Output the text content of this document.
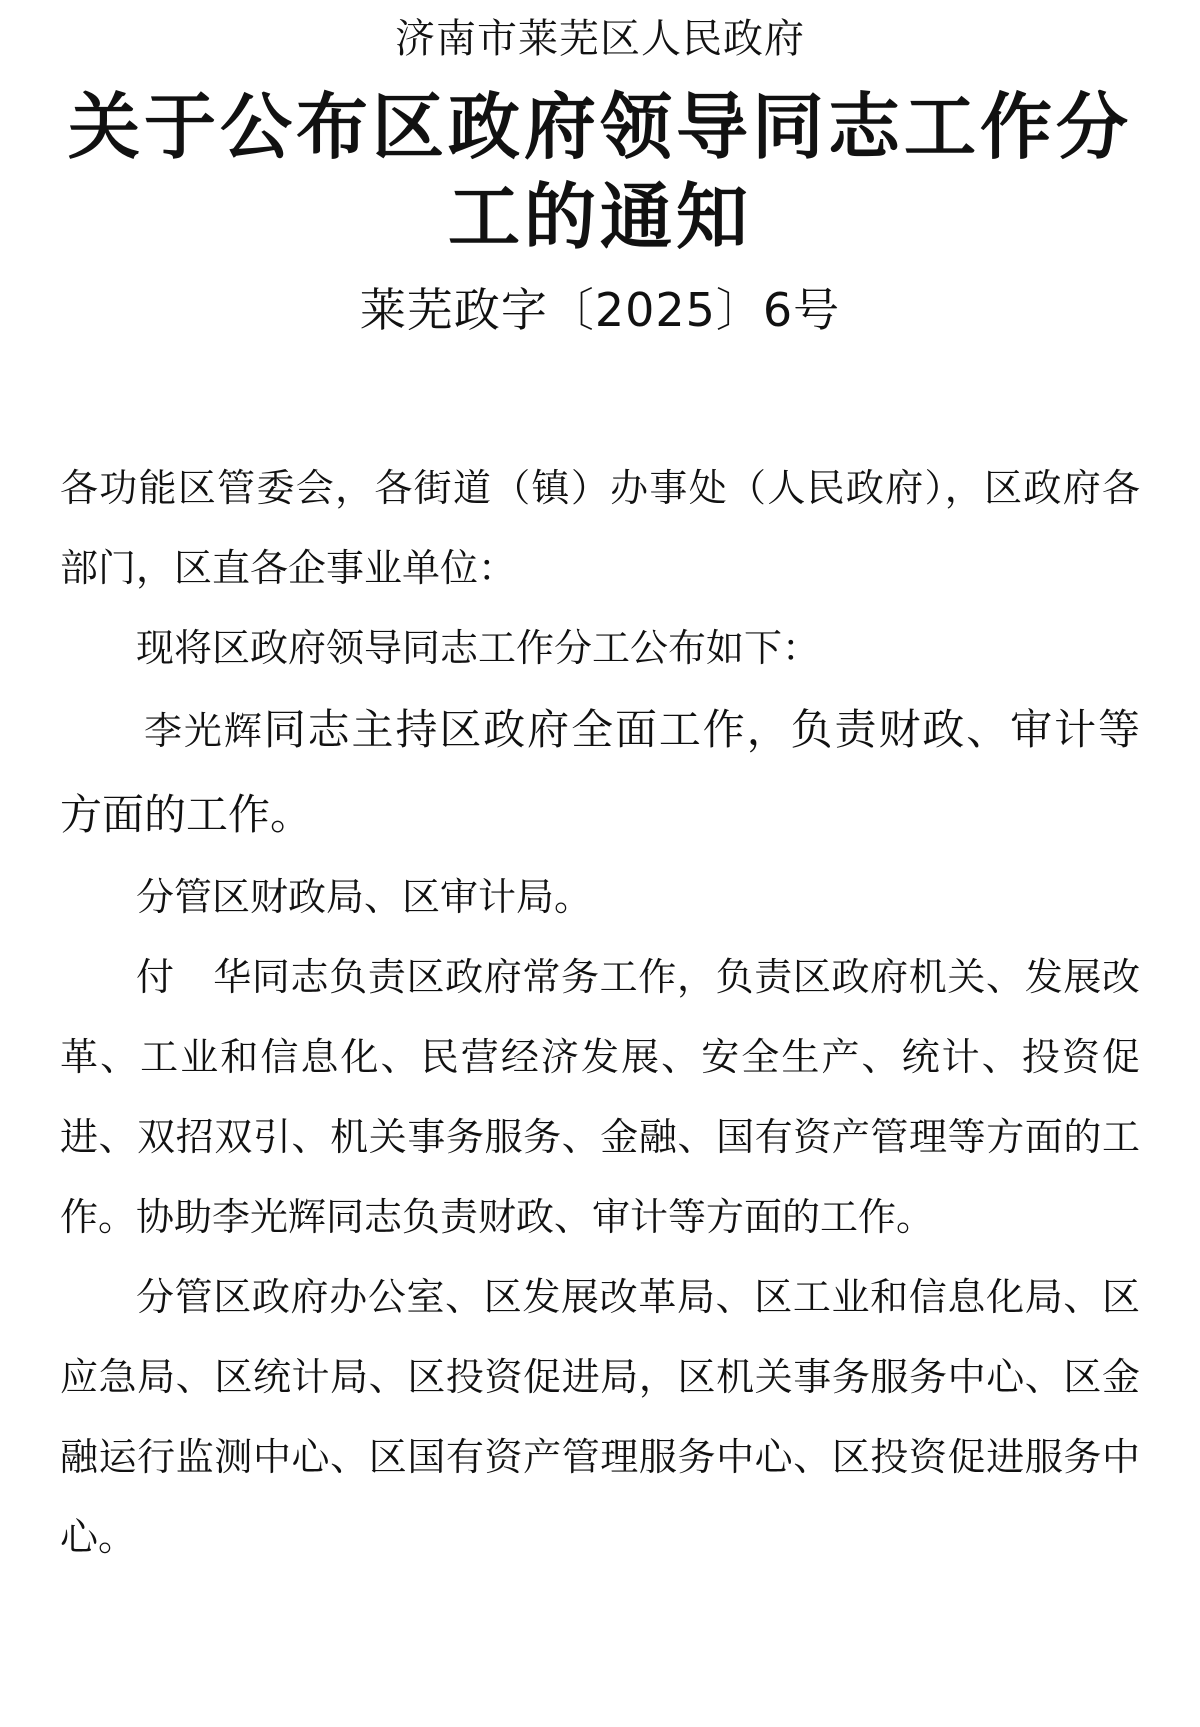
济南市莱芜区人民政府
关于公布区政府领导同志工作分工的通知
莱芜政字〔2025〕6号

各功能区管委会，各街道（镇）办事处（人民政府），区政府各部门，区直各企事业单位：

现将区政府领导同志工作分工公布如下：

李光辉同志主持区政府全面工作，负责财政、审计等方面的工作。

分管区财政局、区审计局。

付　华同志负责区政府常务工作，负责区政府机关、发展改革、工业和信息化、民营经济发展、安全生产、统计、投资促进、双招双引、机关事务服务、金融、国有资产管理等方面的工作。协助李光辉同志负责财政、审计等方面的工作。

分管区政府办公室、区发展改革局、区工业和信息化局、区应急局、区统计局、区投资促进局，区机关事务服务中心、区金融运行监测中心、区国有资产管理服务中心、区投资促进服务中心。
